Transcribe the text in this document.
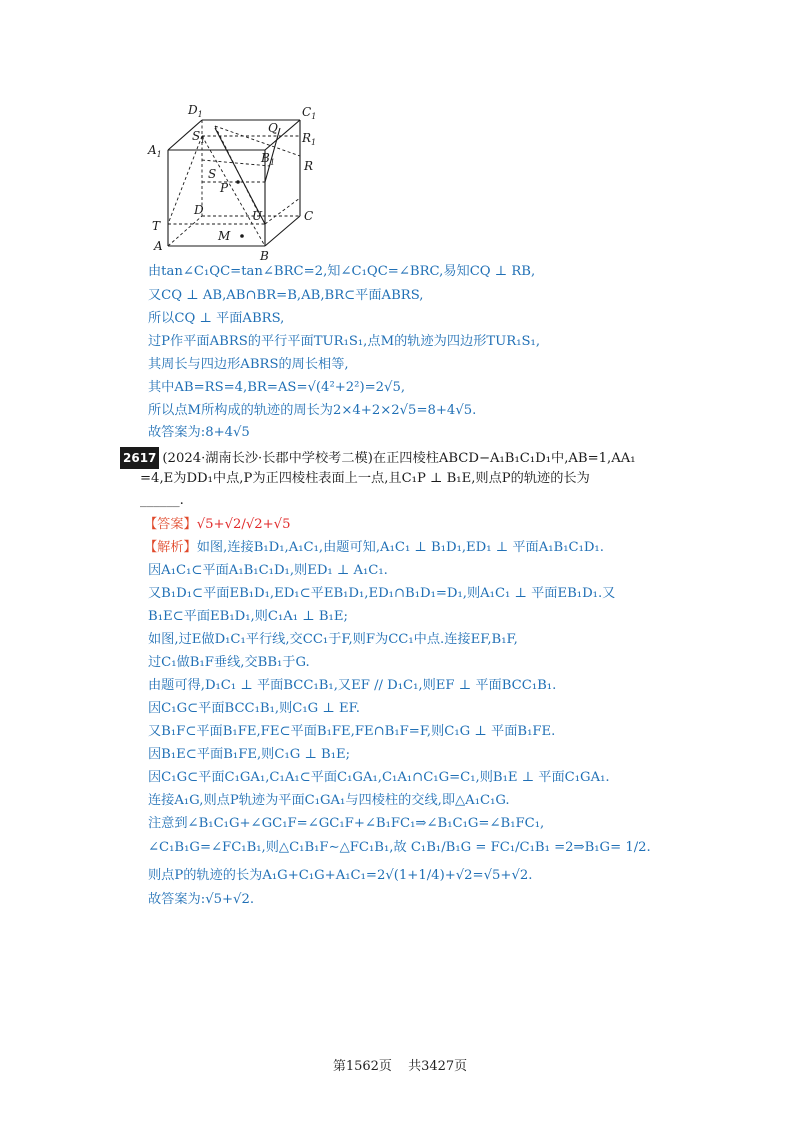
$D_1$	$C_1$
$A_1$
$S_1$
Q
$B_1$
$R_1$
R
S
P
U
D	C
T
A
M
B
由tan∠C₁QC=tan∠BRC=2,知∠C₁QC=∠BRC,易知CQ ⊥ RB,
又CQ ⊥ AB,AB∩BR=B,AB,BR⊂平面ABRS,
所以CQ ⊥ 平面ABRS,
过P作平面ABRS的平行平面TUR₁S₁,点M的轨迹为四边形TUR₁S₁,
其周长与四边形ABRS的周长相等,
其中AB=RS=4,BR=AS=√(4²+2²)=2√5,
所以点M所构成的轨迹的周长为2×4+2×2√5=8+4√5.
故答案为:8+4√5
2617 (2024·湖南长沙·长郡中学校考二模)在正四棱柱ABCD−A₁B₁C₁D₁中,AB=1,AA₁
=4,E为DD₁中点,P为正四棱柱表面上一点,且C₁P ⊥ B₁E,则点P的轨迹的长为
______.
【答案】√5+√2/√2+√5
【解析】如图,连接B₁D₁,A₁C₁,由题可知,A₁C₁ ⊥ B₁D₁,ED₁ ⊥ 平面A₁B₁C₁D₁.
因A₁C₁⊂平面A₁B₁C₁D₁,则ED₁ ⊥ A₁C₁.
又B₁D₁⊂平面EB₁D₁,ED₁⊂平EB₁D₁,ED₁∩B₁D₁=D₁,则A₁C₁ ⊥ 平面EB₁D₁.又
B₁E⊂平面EB₁D₁,则C₁A₁ ⊥ B₁E;
如图,过E做D₁C₁平行线,交CC₁于F,则F为CC₁中点.连接EF,B₁F,
过C₁做B₁F垂线,交BB₁于G.
由题可得,D₁C₁ ⊥ 平面BCC₁B₁,又EF // D₁C₁,则EF ⊥ 平面BCC₁B₁.
因C₁G⊂平面BCC₁B₁,则C₁G ⊥ EF.
又B₁F⊂平面B₁FE,FE⊂平面B₁FE,FE∩B₁F=F,则C₁G ⊥ 平面B₁FE.
因B₁E⊂平面B₁FE,则C₁G ⊥ B₁E;
因C₁G⊂平面C₁GA₁,C₁A₁⊂平面C₁GA₁,C₁A₁∩C₁G=C₁,则B₁E ⊥ 平面C₁GA₁.
连接A₁G,则点P轨迹为平面C₁GA₁与四棱柱的交线,即△A₁C₁G.
注意到∠B₁C₁G+∠GC₁F=∠GC₁F+∠B₁FC₁⇒∠B₁C₁G=∠B₁FC₁,
∠C₁B₁G=∠FC₁B₁,则△C₁B₁F∼△FC₁B₁,故 C₁B₁/B₁G = FC₁/C₁B₁ =2⇒B₁G= 1/2.
则点P的轨迹的长为A₁G+C₁G+A₁C₁=2√(1+1/4)+√2=√5+√2.
故答案为:√5+√2.
第1562页 共3427页
